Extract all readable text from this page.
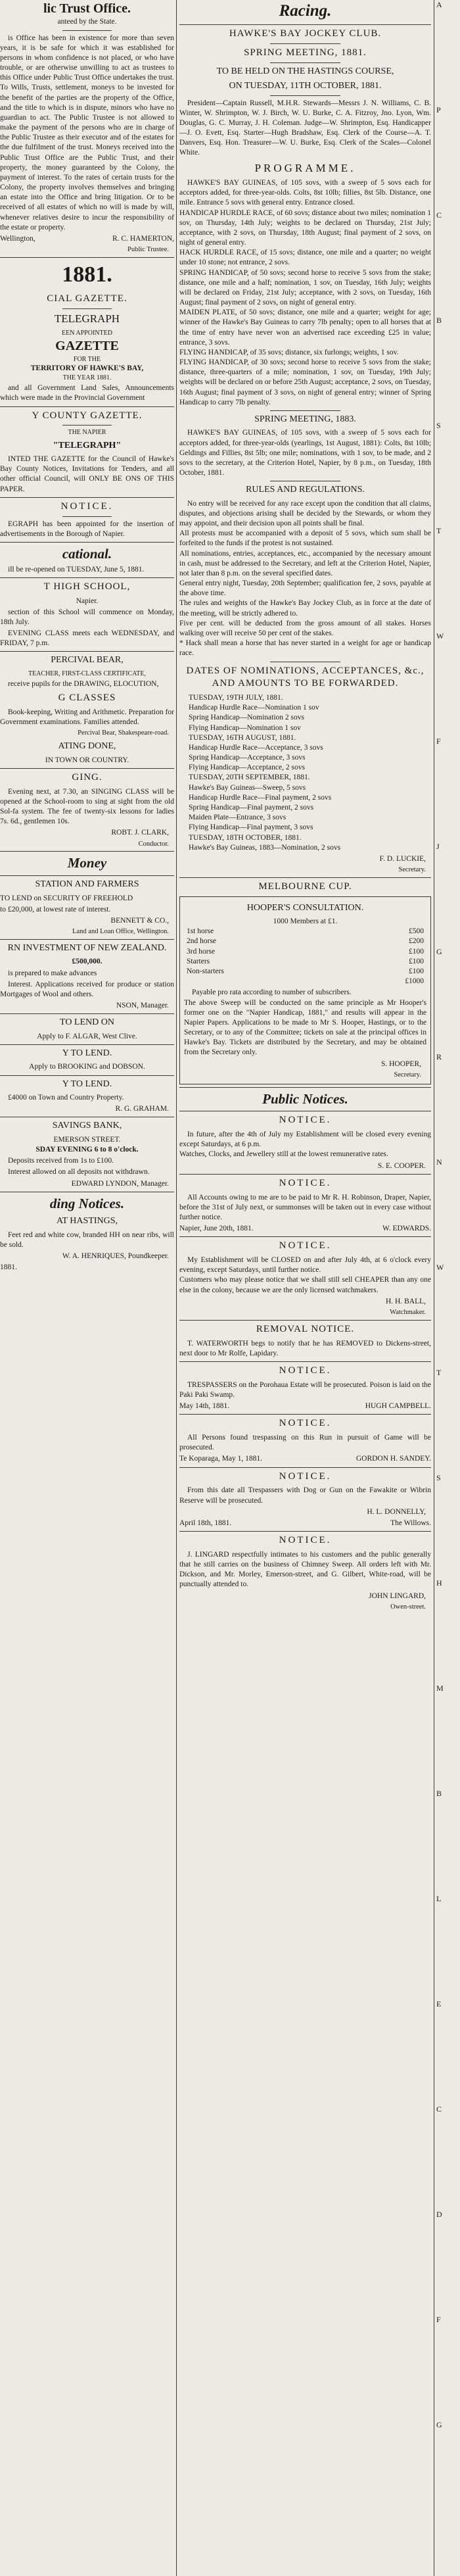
lic Trust Office.
anteed by the State.

is Office has been in existence for more than seven years, it is be safe for which it was established for persons in whom confidence is not placed, or who have trouble, or are otherwise unwilling to act as trustees to this Office under Public Trust Office undertakes the trust. To Wills, Trusts, settlement, moneys to be invested for the benefit of the parties are the property of the Office, and the title to which is in dispute, minors who have no guardian to act. The Public Trustee is not allowed to make the payment of the persons who are in charge of the Public Trustee as their executor and of the estates for the due fulfilment of the trust. Moneys received into the Public Trust Office are the Public Trust, and their property, the money guaranteed by the Colony, the payment of interest. To the rates of certain trusts for the Colony, the property involves themselves and bringing an estate into the Office and bring litigation. Or to be received of all estates of which no will is made by will, whenever relatives desire to incur the responsibility of the estate or property.

Wellington,	R. C. HAMERTON,
Public Trustee.
1881.
CIAL GAZETTE.
TELEGRAPH
EEN APPOINTED
GAZETTE
FOR THE
TERRITORY OF HAWKE'S BAY,
THE YEAR 1881.

and all Government Land Sales, Announcements which were made in the Provincial Government

Y COUNTY GAZETTE.
THE NAPIER
"TELEGRAPH"

INTED THE GAZETTE for the Council of Hawke's Bay County Notices, Invitations for Tenders, and all other official Council, will ONLY BE ONS OF THIS PAPER.

NOTICE.

EGRAPH has been appointed for the insertion of advertisements in the Borough of Napier.

cational.

ill be re-opened on TUESDAY, June 5, 1881.

T HIGH SCHOOL,
Napier.

section of this School will commence on Monday, 18th July.

EVENING CLASS meets each WEDNESDAY, and FRIDAY, 7 p.m.

PERCIVAL BEAR,
TEACHER, FIRST-CLASS CERTIFICATE,

receive pupils for the DRAWING, ELOCUTION,

G CLASSES

Book-keeping, Writing and Arithmetic. Preparation for Government examinations. Families attended.

Percival Bear, Shakespeare-road.
ATING DONE,
IN TOWN OR COUNTRY.
GING.

Evening next, at 7.30, an SINGING CLASS will be opened at the School-room to sing at sight from the old Sol-fa system. The fee of twenty-six lessons for ladies 7s. 6d., gentlemen 10s.

ROBT. J. CLARK,
Conductor.
Money
STATION AND FARMERS

TO LEND on SECURITY OF FREEHOLD

to £20,000, at lowest rate of interest.

BENNETT & CO.,
Land and Loan Office, Wellington.
RN INVESTMENT OF NEW ZEALAND.
£500,000.

is prepared to make advances

Interest. Applications received for produce or station Mortgages of Wool and others.

NSON, Manager.
TO LEND ON

Apply to F. ALGAR, West Clive.

Y TO LEND.

Apply to BROOKING and DOBSON.

Y TO LEND.

£4000 on Town and Country Property.

R. G. GRAHAM.
SAVINGS BANK,
EMERSON STREET.
SDAY EVENING 6 to 8 o'clock.

Deposits received from 1s to £100.

Interest allowed on all deposits not withdrawn.

EDWARD LYNDON, Manager.
ding Notices.
AT HASTINGS,

Feet red and white cow, branded HH on near ribs, will be sold.

W. A. HENRIQUES, Poundkeeper.
1881.
Racing.
HAWKE'S BAY JOCKEY CLUB.
SPRING MEETING, 1881.
TO BE HELD ON THE HASTINGS COURSE,
ON TUESDAY, 11TH OCTOBER, 1881.

President—Captain Russell, M.H.R. Stewards—Messrs J. N. Williams, C. B. Winter, W. Shrimpton, W. J. Birch, W. U. Burke, C. A. Fitzroy, Jno. Lyon, Wm. Douglas, G. C. Murray, J. H. Coleman. Judge—W. Shrimpton, Esq. Handicapper—J. O. Evett, Esq. Starter—Hugh Bradshaw, Esq. Clerk of the Course—A. T. Danvers, Esq. Hon. Treasurer—W. U. Burke, Esq. Clerk of the Scales—Colonel White.

PROGRAMME.

HAWKE'S BAY GUINEAS, of 105 sovs, with a sweep of 5 sovs each for acceptors added, for three-year-olds. Colts, 8st 10lb; fillies, 8st 5lb. Distance, one mile. Entrance 5 sovs with general entry. Entrance closed.
HANDICAP HURDLE RACE, of 60 sovs; distance about two miles; nomination 1 sov, on Thursday, 14th July; weights to be declared on Thursday, 21st July; acceptance, with 2 sovs, on Thursday, 18th August; final payment of 2 sovs, on night of general entry.
HACK HURDLE RACE, of 15 sovs; distance, one mile and a quarter; no weight under 10 stone; not entrance, 2 sovs.
SPRING HANDICAP, of 50 sovs; second horse to receive 5 sovs from the stake; distance, one mile and a half; nomination, 1 sov, on Tuesday, 16th July; weights will be declared on Friday, 21st July; acceptance, with 2 sovs, on Tuesday, 16th August; final payment of 2 sovs, on night of general entry.
MAIDEN PLATE, of 50 sovs; distance, one mile and a quarter; weight for age; winner of the Hawke's Bay Guineas to carry 7lb penalty; open to all horses that at the time of entry have never won an advertised race exceeding £25 in value; entrance, 3 sovs.
FLYING HANDICAP, of 35 sovs; distance, six furlongs; weights, 1 sov.
FLYING HANDICAP, of 30 sovs; second horse to receive 5 sovs from the stake; distance, three-quarters of a mile; nomination, 1 sov, on Tuesday, 19th July; weights will be declared on or before 25th August; acceptance, 2 sovs, on Tuesday, 16th August; final payment of 3 sovs, on night of general entry; winner of Spring Handicap to carry 7lb penalty.

SPRING MEETING, 1883.

HAWKE'S BAY GUINEAS, of 105 sovs, with a sweep of 5 sovs each for acceptors added, for three-year-olds (yearlings, 1st August, 1881): Colts, 8st 10lb; Geldings and Fillies, 8st 5lb; one mile; nominations, with 1 sov, to be made, and 2 sovs to the secretary, at the Criterion Hotel, Napier, by 8 p.m., on Tuesday, 18th October, 1881.

RULES AND REGULATIONS.

No entry will be received for any race except upon the condition that all claims, disputes, and objections arising shall be decided by the Stewards, or whom they may appoint, and their decision upon all points shall be final.
All protests must be accompanied with a deposit of 5 sovs, which sum shall be forfeited to the funds if the protest is not sustained.
All nominations, entries, acceptances, etc., accompanied by the necessary amount in cash, must be addressed to the Secretary, and left at the Criterion Hotel, Napier, not later than 8 p.m. on the several specified dates.
General entry night, Tuesday, 20th September; qualification fee, 2 sovs, payable at the above time.
The rules and weights of the Hawke's Bay Jockey Club, as in force at the date of the meeting, will be strictly adhered to.
Five per cent. will be deducted from the gross amount of all stakes. Horses walking over will receive 50 per cent of the stakes.
* Hack shall mean a horse that has never started in a weight for age or handicap race.

DATES OF NOMINATIONS, ACCEPTANCES, &c., AND AMOUNTS TO BE FORWARDED.
TUESDAY, 19TH JULY, 1881.
Handicap Hurdle Race—Nomination 1 sov
Spring Handicap—Nomination 2 sovs
Flying Handicap—Nomination 1 sov
TUESDAY, 16TH AUGUST, 1881.
Handicap Hurdle Race—Acceptance, 3 sovs
Spring Handicap—Acceptance, 3 sovs
Flying Handicap—Acceptance, 2 sovs
TUESDAY, 20TH SEPTEMBER, 1881.
Hawke's Bay Guineas—Sweep, 5 sovs
Handicap Hurdle Race—Final payment, 2 sovs
Spring Handicap—Final payment, 2 sovs
Maiden Plate—Entrance, 3 sovs
Flying Handicap—Final payment, 3 sovs
TUESDAY, 18TH OCTOBER, 1881.
Hawke's Bay Guineas, 1883—Nomination, 2 sovs
F. D. LUCKIE,
Secretary.
MELBOURNE CUP.
HOOPER'S CONSULTATION.
1000 Members at £1.
1st horse	£500
2nd horse	£200
3rd horse	£100
Starters	£100
Non-starters	£100
	£1000

Payable pro rata according to number of subscribers.
The above Sweep will be conducted on the same principle as Mr Hooper's former one on the "Napier Handicap, 1881," and results will appear in the Napier Papers. Applications to be made to Mr S. Hooper, Hastings, or to the Secretary, or to any of the Committee; tickets on sale at the principal offices in Hawke's Bay. Tickets are distributed by the Secretary, and may be obtained from the Secretary only.

S. HOOPER,
Secretary.
Public Notices.
NOTICE.

In future, after the 4th of July my Establishment will be closed every evening except Saturdays, at 6 p.m.
Watches, Clocks, and Jewellery still at the lowest remunerative rates.

S. E. COOPER.
NOTICE.

All Accounts owing to me are to be paid to Mr R. H. Robinson, Draper, Napier, before the 31st of July next, or summonses will be taken out in every case without further notice.

Napier, June 20th, 1881.	W. EDWARDS.
NOTICE.

My Establishment will be CLOSED on and after July 4th, at 6 o'clock every evening, except Saturdays, until further notice.
Customers who may please notice that we shall still sell CHEAPER than any one else in the colony, because we are the only licensed watchmakers.

H. H. BALL,
Watchmaker.
REMOVAL NOTICE.

T. WATERWORTH begs to notify that he has REMOVED to Dickens-street, next door to Mr Rolfe, Lapidary.

NOTICE.

TRESPASSERS on the Porohaua Estate will be prosecuted. Poison is laid on the Paki Paki Swamp.

May 14th, 1881.	HUGH CAMPBELL.
NOTICE.

All Persons found trespassing on this Run in pursuit of Game will be prosecuted.

Te Koparaga, May 1, 1881.	GORDON H. SANDEY.
NOTICE.

From this date all Trespassers with Dog or Gun on the Fawakite or Wibrin Reserve will be prosecuted.

H. L. DONNELLY,
April 18th, 1881.	The Willows.
NOTICE.

J. LINGARD respectfully intimates to his customers and the public generally that he still carries on the business of Chimney Sweep. All orders left with Mr. Dickson, and Mr. Morley, Emerson-street, and G. Gilbert, White-road, will be punctually attended to.

JOHN LINGARD,
Owen-street.
A
P
C
B
S
T
W
F
J
G
R
N
W
T
S
H
M
B
L
E
C
D
F
G
